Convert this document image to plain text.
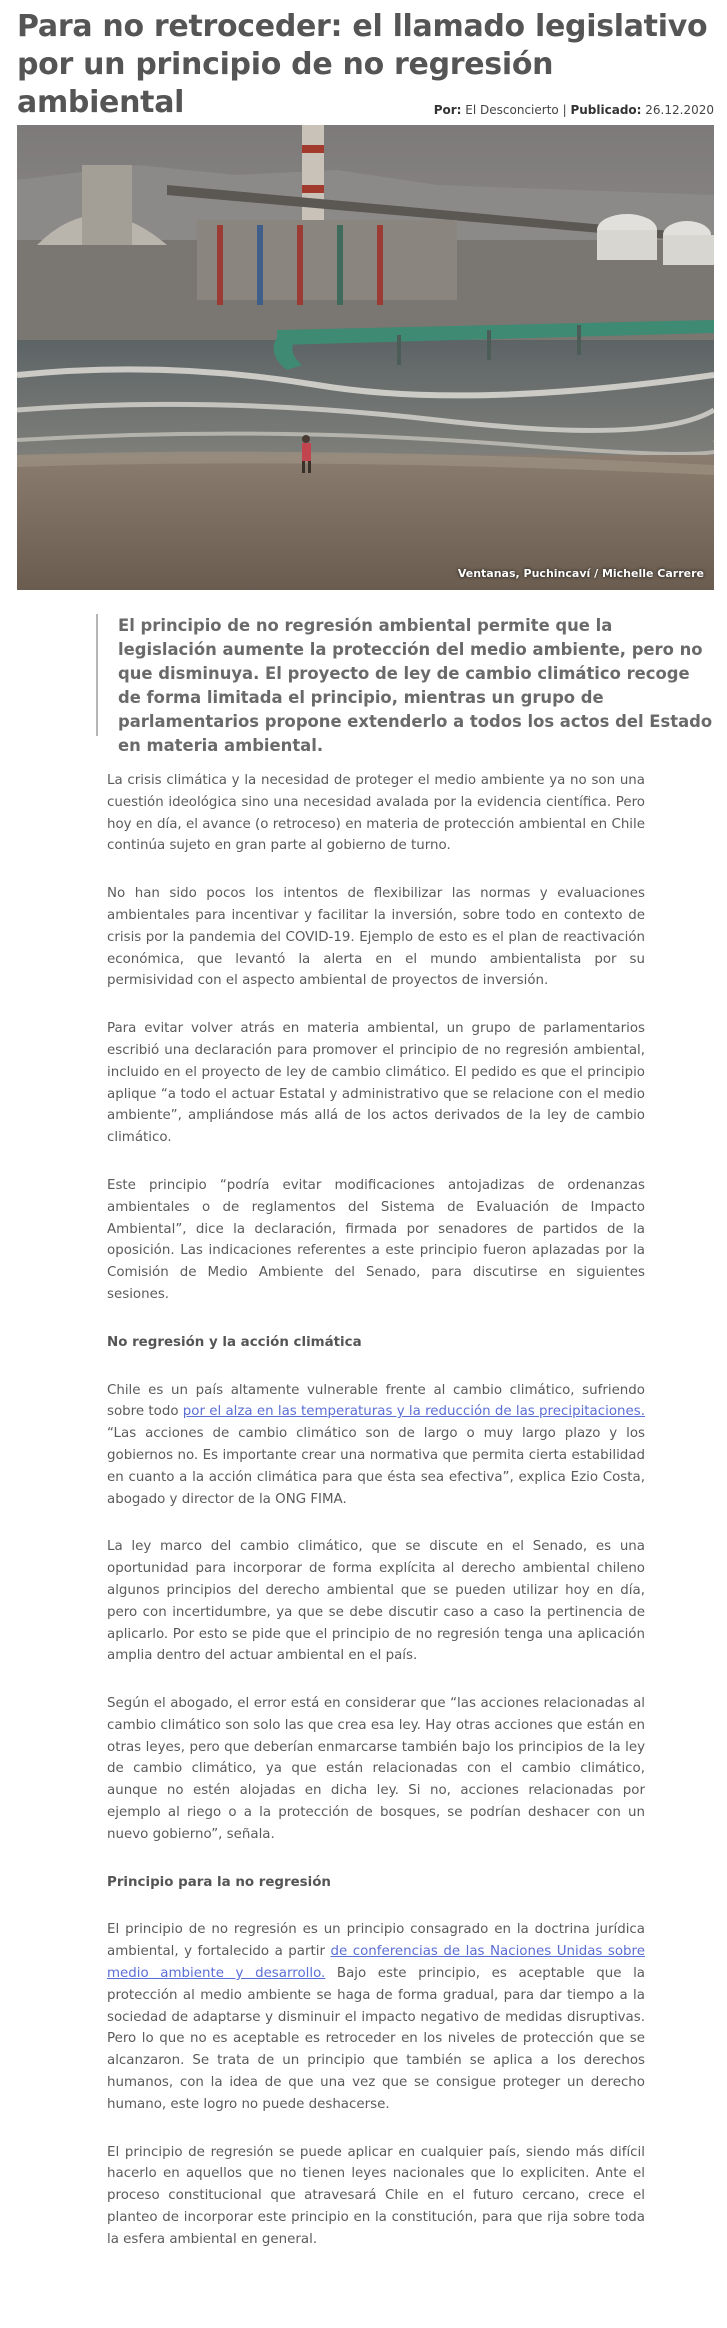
Para no retroceder: el llamado legislativo por un principio de no regresión ambiental	Por: El Desconcierto | Publicado: 26.12.2020
Ventanas, Puchincaví / Michelle Carrere

El principio de no regresión ambiental permite que la legislación aumente la protección del medio ambiente, pero no que disminuya. El proyecto de ley de cambio climático recoge de forma limitada el principio, mientras un grupo de parlamentarios propone extenderlo a todos los actos del Estado en materia ambiental.

La crisis climática y la necesidad de proteger el medio ambiente ya no son una cuestión ideológica sino una necesidad avalada por la evidencia científica. Pero hoy en día, el avance (o retroceso) en materia de protección ambiental en Chile continúa sujeto en gran parte al gobierno de turno.

No han sido pocos los intentos de flexibilizar las normas y evaluaciones ambientales para incentivar y facilitar la inversión, sobre todo en contexto de crisis por la pandemia del COVID-19. Ejemplo de esto es el plan de reactivación económica, que levantó la alerta en el mundo ambientalista por su permisividad con el aspecto ambiental de proyectos de inversión.

Para evitar volver atrás en materia ambiental, un grupo de parlamentarios escribió una declaración para promover el principio de no regresión ambiental, incluido en el proyecto de ley de cambio climático. El pedido es que el principio aplique “a todo el actuar Estatal y administrativo que se relacione con el medio ambiente”, ampliándose más allá de los actos derivados de la ley de cambio climático.

Este principio “podría evitar modificaciones antojadizas de ordenanzas ambientales o de reglamentos del Sistema de Evaluación de Impacto Ambiental”, dice la declaración, firmada por senadores de partidos de la oposición. Las indicaciones referentes a este principio fueron aplazadas por la Comisión de Medio Ambiente del Senado, para discutirse en siguientes sesiones.

No regresión y la acción climática

Chile es un país altamente vulnerable frente al cambio climático, sufriendo sobre todo por el alza en las temperaturas y la reducción de las precipitaciones. “Las acciones de cambio climático son de largo o muy largo plazo y los gobiernos no. Es importante crear una normativa que permita cierta estabilidad en cuanto a la acción climática para que ésta sea efectiva”, explica Ezio Costa, abogado y director de la ONG FIMA.

La ley marco del cambio climático, que se discute en el Senado, es una oportunidad para incorporar de forma explícita al derecho ambiental chileno algunos principios del derecho ambiental que se pueden utilizar hoy en día, pero con incertidumbre, ya que se debe discutir caso a caso la pertinencia de aplicarlo. Por esto se pide que el principio de no regresión tenga una aplicación amplia dentro del actuar ambiental en el país.

Según el abogado, el error está en considerar que “las acciones relacionadas al cambio climático son solo las que crea esa ley. Hay otras acciones que están en otras leyes, pero que deberían enmarcarse también bajo los principios de la ley de cambio climático, ya que están relacionadas con el cambio climático, aunque no estén alojadas en dicha ley. Si no, acciones relacionadas por ejemplo al riego o a la protección de bosques, se podrían deshacer con un nuevo gobierno”, señala.

Principio para la no regresión

El principio de no regresión es un principio consagrado en la doctrina jurídica ambiental, y fortalecido a partir de conferencias de las Naciones Unidas sobre medio ambiente y desarrollo. Bajo este principio, es aceptable que la protección al medio ambiente se haga de forma gradual, para dar tiempo a la sociedad de adaptarse y disminuir el impacto negativo de medidas disruptivas. Pero lo que no es aceptable es retroceder en los niveles de protección que se alcanzaron. Se trata de un principio que también se aplica a los derechos humanos, con la idea de que una vez que se consigue proteger un derecho humano, este logro no puede deshacerse.

El principio de regresión se puede aplicar en cualquier país, siendo más difícil hacerlo en aquellos que no tienen leyes nacionales que lo expliciten. Ante el proceso constitucional que atravesará Chile en el futuro cercano, crece el planteo de incorporar este principio en la constitución, para que rija sobre toda la esfera ambiental en general.
